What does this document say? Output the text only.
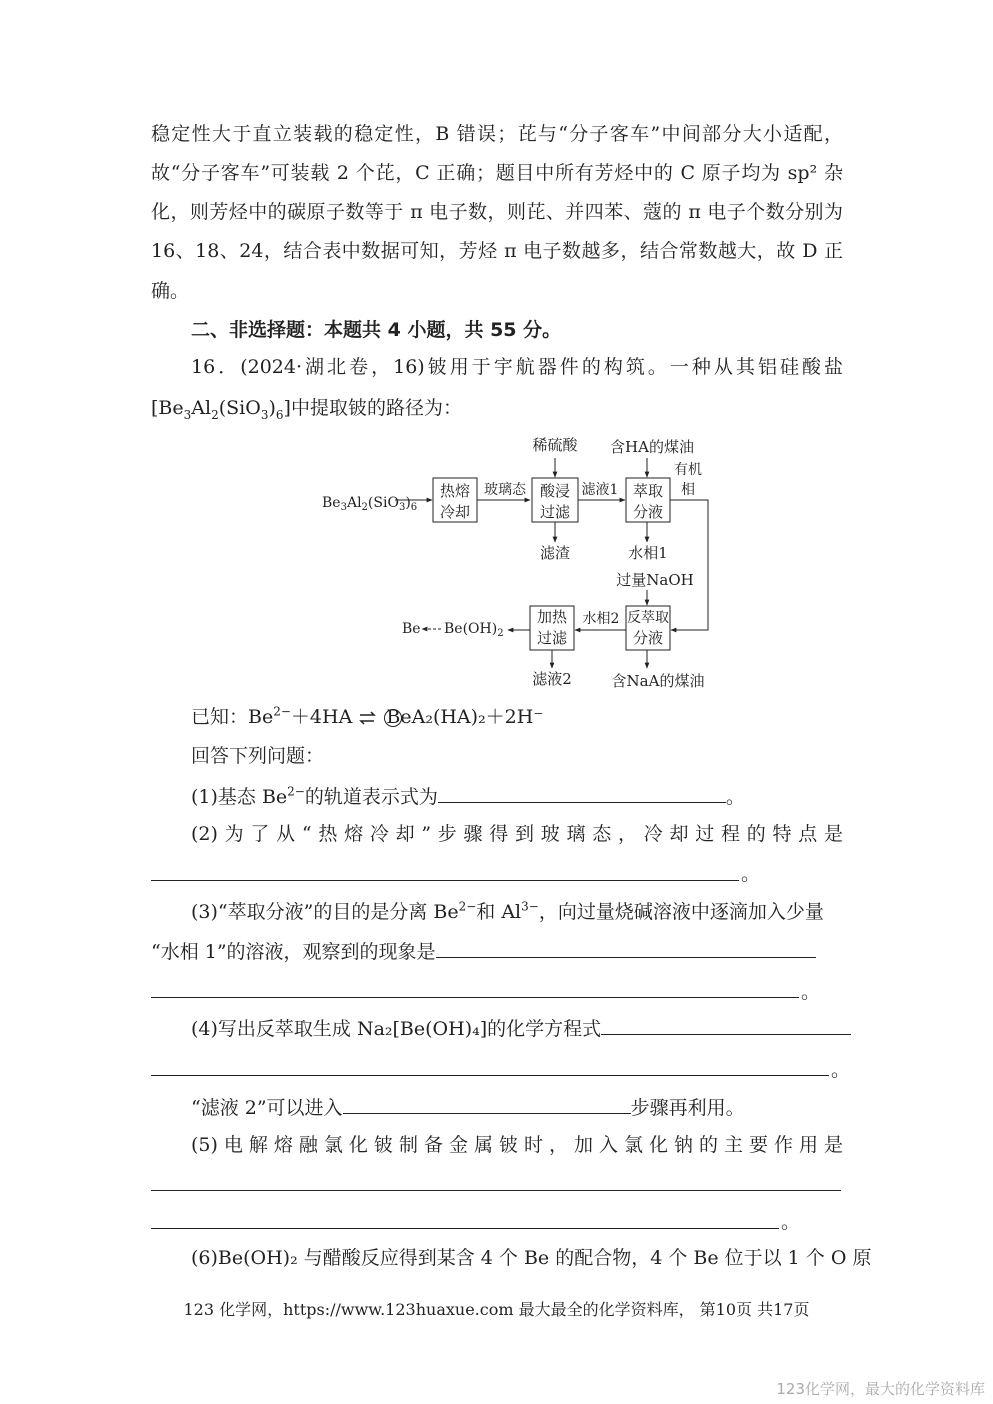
稳定性大于直立装载的稳定性，B 错误；芘与“分子客车”中间部分大小适配，
故“分子客车”可装载 2 个芘，C 正确；题目中所有芳烃中的 C 原子均为 sp² 杂
化，则芳烃中的碳原子数等于 π 电子数，则芘、并四苯、蔻的 π 电子个数分别为
16、18、24，结合表中数据可知，芳烃 π 电子数越多，结合常数越大，故 D 正
确。
二、非选择题：本题共 4 小题，共 55 分。
16．(2024·湖北卷，16)铍用于宇航器件的构筑。一种从其铝硅酸盐
$[Be_3Al_2(SiO_3)_6]$中提取铍的路径为：
$Be_3Al_2(SiO_3)_6$
热熔
冷却
玻璃态
稀硫酸
酸浸
过滤
滤渣
滤液1
含HA的煤油
萃取
分液
水相1
有机
相
过量NaOH
反萃取
分液
含NaA的煤油
水相2
加热
过滤
滤液2
$Be(OH)_2$
Be
已知：$Be^{2-}+4HA$ BeA₂(HA)₂＋2H⁻
回答下列问题：
(1)基态 $Be^{2-}$的轨道表示式为	。
(2)为了从“热熔冷却”步骤得到玻璃态，冷却过程的特点是
。
(3)“萃取分液”的目的是分离 $Be^{2-}$和 $Al^{3-}$，向过量烧碱溶液中逐滴加入少量
“水相 1”的溶液，观察到的现象是
。
(4)写出反萃取生成 Na₂[Be(OH)₄]的化学方程式
。
“滤液 2”可以进入	步骤再利用。
(5)电解熔融氯化铍制备金属铍时，加入氯化钠的主要作用是
。
(6)Be(OH)₂ 与醋酸反应得到某含 4 个 Be 的配合物，4 个 Be 位于以 1 个 O 原
123 化学网，https://www.123huaxue.com 最大最全的化学资料库， 第10页 共17页
123化学网，最大的化学资料库
